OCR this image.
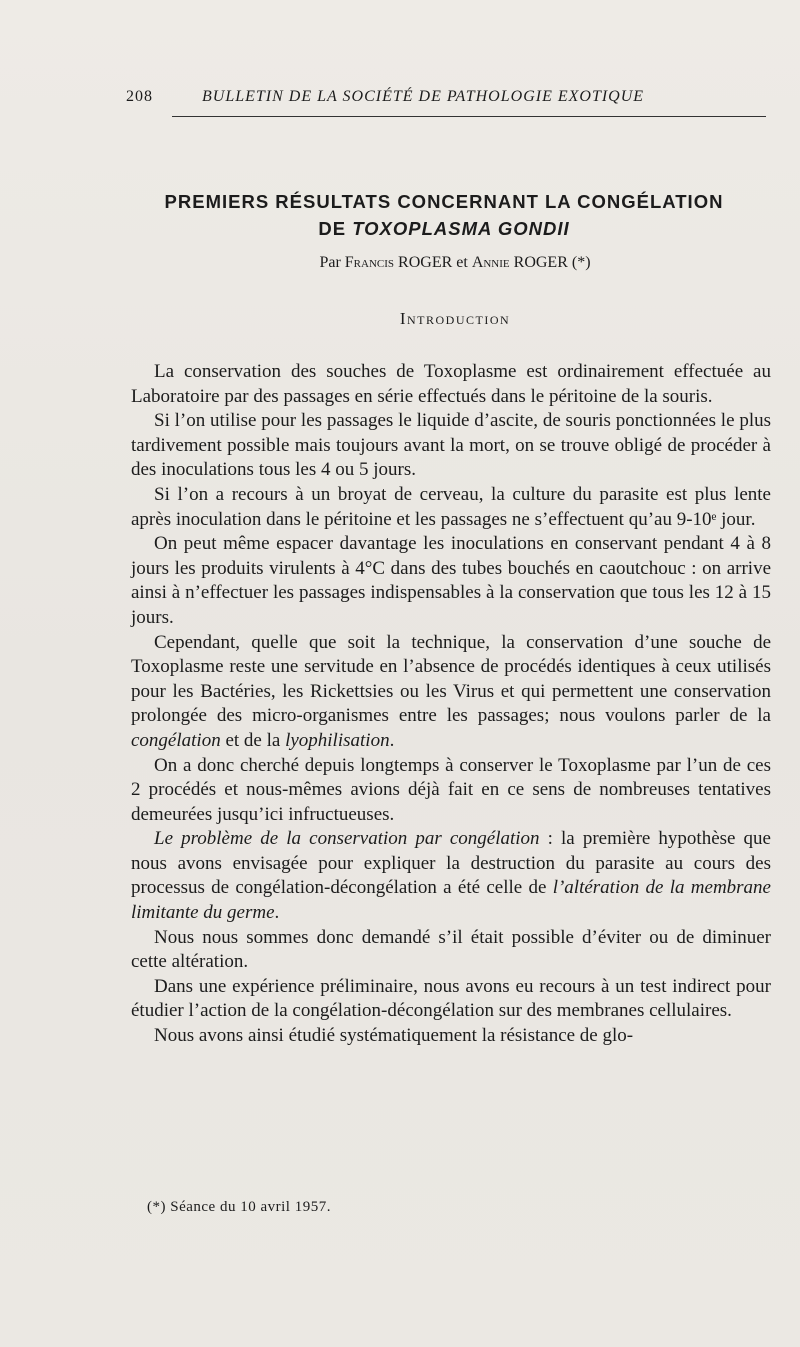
208	BULLETIN DE LA SOCIÉTÉ DE PATHOLOGIE EXOTIQUE
PREMIERS RÉSULTATS CONCERNANT LA CONGÉLATION
DE TOXOPLASMA GONDII
Par Francis ROGER et Annie ROGER (*)
Introduction

La conservation des souches de Toxoplasme est ordinairement effectuée au Laboratoire par des passages en série effectués dans le péritoine de la souris.

Si l’on utilise pour les passages le liquide d’ascite, de souris ponctionnées le plus tardivement possible mais toujours avant la mort, on se trouve obligé de procéder à des inoculations tous les 4 ou 5 jours.

Si l’on a recours à un broyat de cerveau, la culture du parasite est plus lente après inoculation dans le péritoine et les passages ne s’effectuent qu’au 9-10ᵉ jour.

On peut même espacer davantage les inoculations en conservant pendant 4 à 8 jours les produits virulents à 4°C dans des tubes bouchés en caoutchouc : on arrive ainsi à n’effectuer les passages indispensables à la conservation que tous les 12 à 15 jours.

Cependant, quelle que soit la technique, la conservation d’une souche de Toxoplasme reste une servitude en l’absence de procédés identiques à ceux utilisés pour les Bactéries, les Rickettsies ou les Virus et qui permettent une conservation prolongée des micro-organismes entre les passages; nous voulons parler de la congélation et de la lyophilisation.

On a donc cherché depuis longtemps à conserver le Toxoplasme par l’un de ces 2 procédés et nous-mêmes avions déjà fait en ce sens de nombreuses tentatives demeurées jusqu’ici infructueuses.

Le problème de la conservation par congélation : la première hypothèse que nous avons envisagée pour expliquer la destruction du parasite au cours des processus de congélation-décongélation a été celle de l’altération de la membrane limitante du germe.

Nous nous sommes donc demandé s’il était possible d’éviter ou de diminuer cette altération.

Dans une expérience préliminaire, nous avons eu recours à un test indirect pour étudier l’action de la congélation-décongélation sur des membranes cellulaires.

Nous avons ainsi étudié systématiquement la résistance de glo-

(*) Séance du 10 avril 1957.
